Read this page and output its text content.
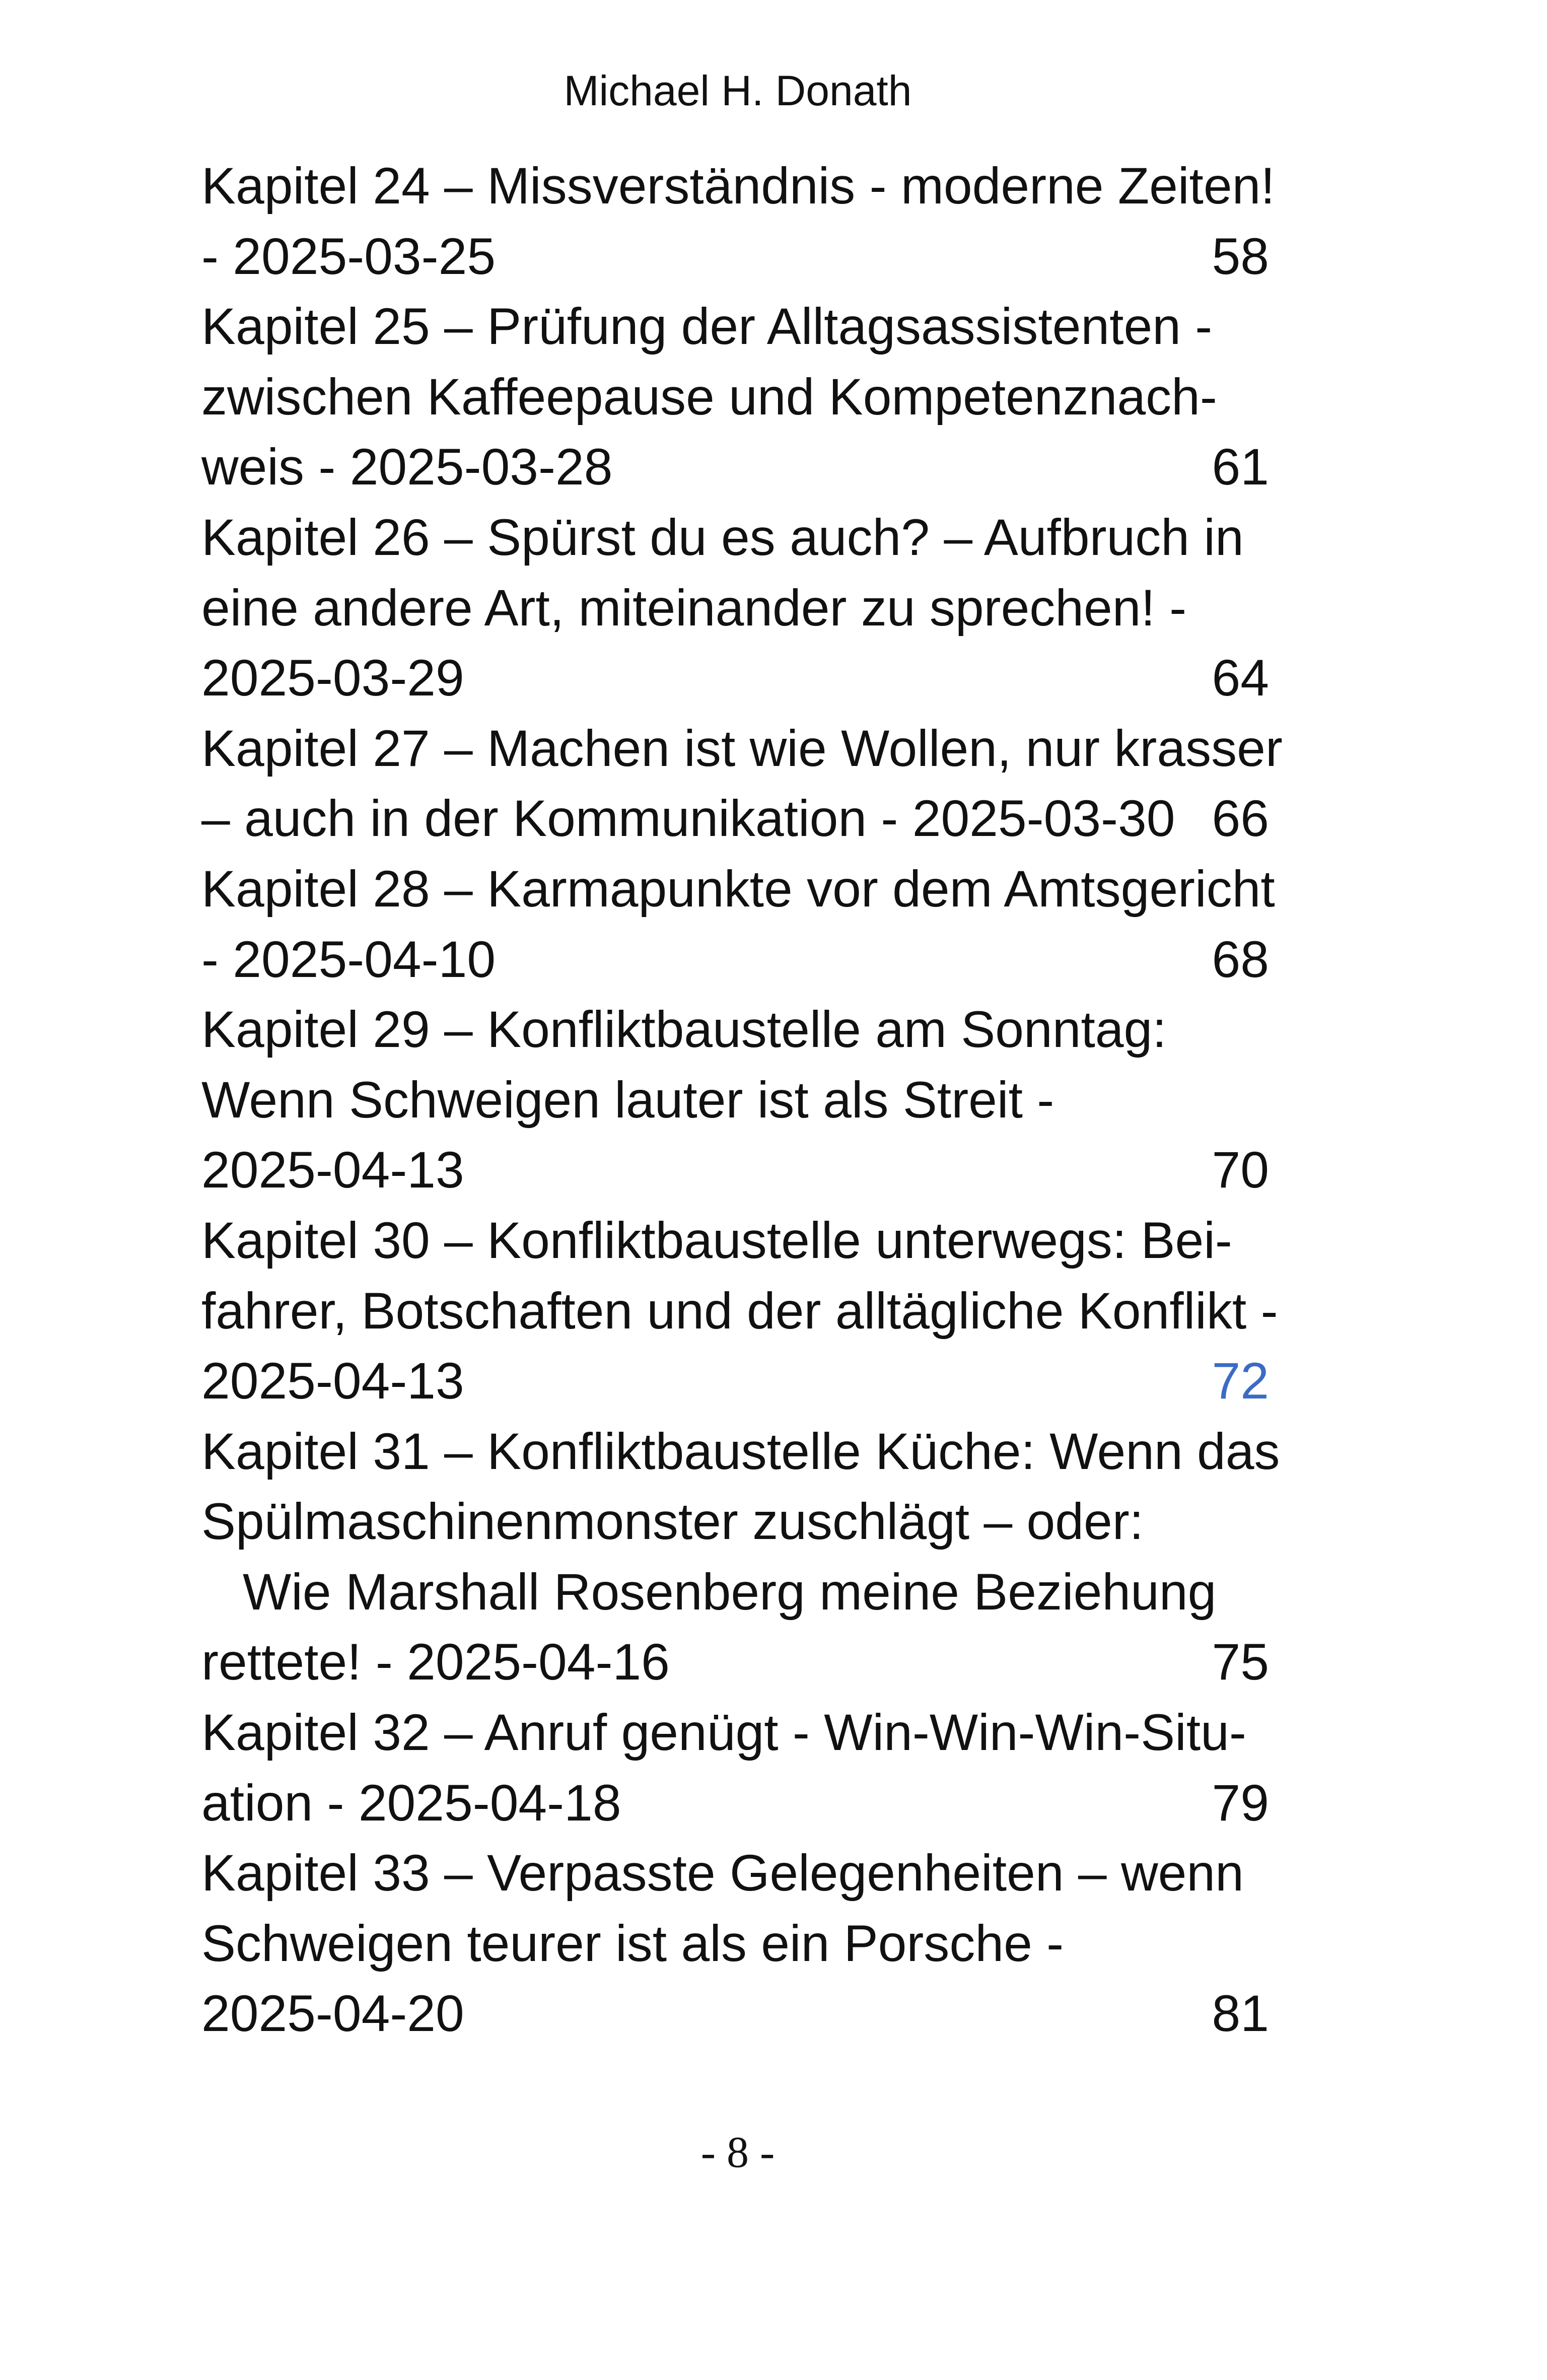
Michael H. Donath
Kapitel 24 – Missverständnis - moderne Zeiten!
- 2025-03-25	58
Kapitel 25 – Prüfung der Alltagsassistenten -
zwischen Kaffeepause und Kompetenznach-
weis - 2025-03-28	61
Kapitel 26 – Spürst du es auch? – Aufbruch in
eine andere Art, miteinander zu sprechen! -
2025-03-29	64
Kapitel 27 – Machen ist wie Wollen, nur krasser
– auch in der Kommunikation - 2025-03-30 66
Kapitel 28 – Karmapunkte vor dem Amtsgericht
- 2025-04-10	68
Kapitel 29 – Konfliktbaustelle am Sonntag:
Wenn Schweigen lauter ist als Streit -
2025-04-13	70
Kapitel 30 – Konfliktbaustelle unterwegs: Bei-
fahrer, Botschaften und der alltägliche Konflikt -
2025-04-13	72
Kapitel 31 – Konfliktbaustelle Küche: Wenn das
Spülmaschinenmonster zuschlägt – oder:
Wie Marshall Rosenberg meine Beziehung
rettete! - 2025-04-16	75
Kapitel 32 – Anruf genügt - Win-Win-Win-Situ-
ation - 2025-04-18	79
Kapitel 33 – Verpasste Gelegenheiten – wenn
Schweigen teurer ist als ein Porsche -
2025-04-20	81
- 8 -
